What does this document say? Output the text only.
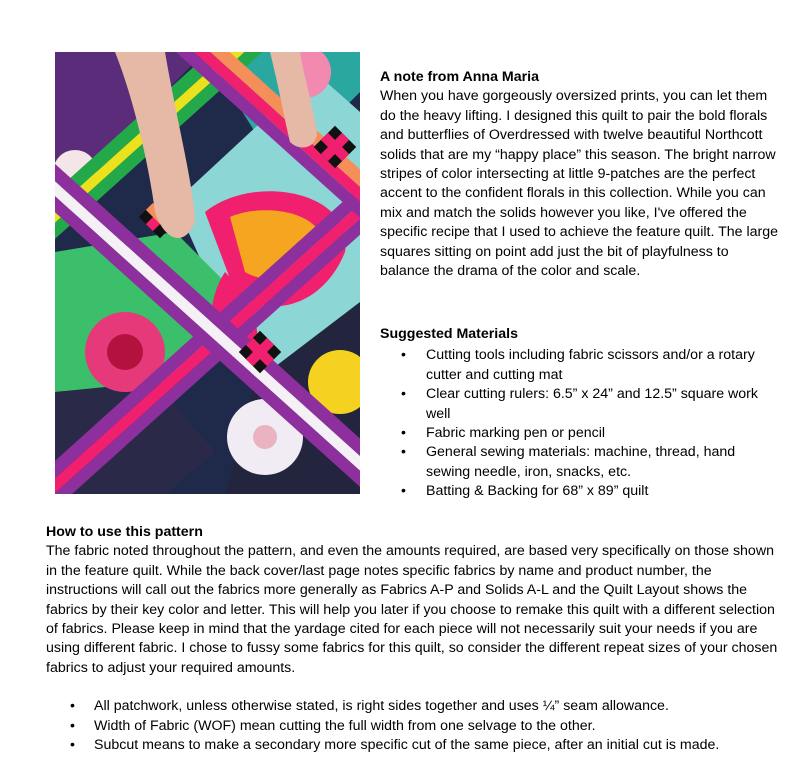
A note from Anna Maria

When you have gorgeously oversized prints, you can let them do the heavy lifting. I designed this quilt to pair the bold florals and butterflies of Overdressed with twelve beautiful Northcott solids that are my “happy place” this season. The bright narrow stripes of color intersecting at little 9-patches are the perfect accent to the confident florals in this collection. While you can mix and match the solids however you like, I've offered the specific recipe that I used to achieve the feature quilt. The large squares sitting on point add just the bit of playfulness to balance the drama of the color and scale.

Suggested Materials
• Cutting tools including fabric scissors and/or a rotary cutter and cutting mat
• Clear cutting rulers: 6.5” x 24” and 12.5” square work well
• Fabric marking pen or pencil
• General sewing materials: machine, thread, hand sewing needle, iron, snacks, etc.
• Batting & Backing for 68” x 89” quilt
How to use this pattern

The fabric noted throughout the pattern, and even the amounts required, are based very specifically on those shown in the feature quilt. While the back cover/last page notes specific fabrics by name and product number, the instructions will call out the fabrics more generally as Fabrics A-P and Solids A-L and the Quilt Layout shows the fabrics by their key color and letter. This will help you later if you choose to remake this quilt with a different selection of fabrics. Please keep in mind that the yardage cited for each piece will not necessarily suit your needs if you are using different fabric. I chose to fussy some fabrics for this quilt, so consider the different repeat sizes of your chosen fabrics to adjust your required amounts.

• All patchwork, unless otherwise stated, is right sides together and uses ¼” seam allowance.
• Width of Fabric (WOF) mean cutting the full width from one selvage to the other.
• Subcut means to make a secondary more specific cut of the same piece, after an initial cut is made.
